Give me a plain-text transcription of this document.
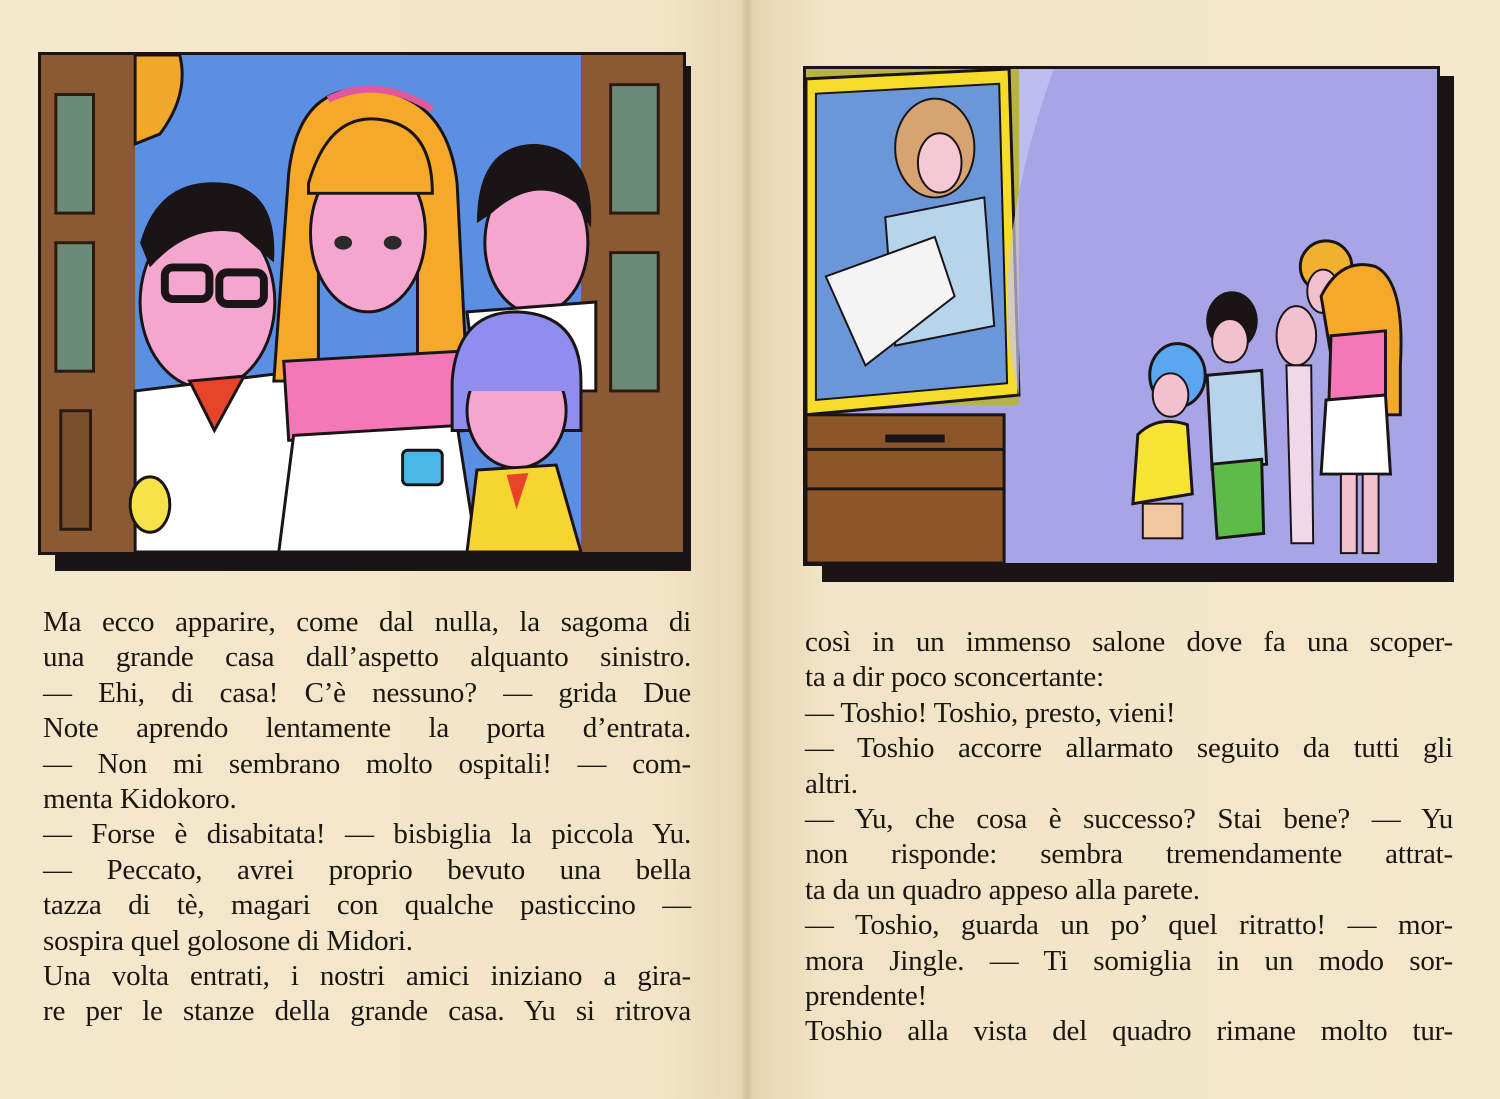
Ma ecco apparire, come dal nulla, la sagoma di
una grande casa dall’aspetto alquanto sinistro.
— Ehi, di casa! C’è nessuno? — grida Due
Note aprendo lentamente la porta d’entrata.
— Non mi sembrano molto ospitali! — com-
menta Kidokoro.
— Forse è disabitata! — bisbiglia la piccola Yu.
— Peccato, avrei proprio bevuto una bella
tazza di tè, magari con qualche pasticcino —
sospira quel golosone di Midori.
Una volta entrati, i nostri amici iniziano a gira-
re per le stanze della grande casa. Yu si ritrova
così in un immenso salone dove fa una scoper-
ta a dir poco sconcertante:
— Toshio! Toshio, presto, vieni!
— Toshio accorre allarmato seguito da tutti gli
altri.
— Yu, che cosa è successo? Stai bene? — Yu
non risponde: sembra tremendamente attrat-
ta da un quadro appeso alla parete.
— Toshio, guarda un po’ quel ritratto! — mor-
mora Jingle. — Ti somiglia in un modo sor-
prendente!
Toshio alla vista del quadro rimane molto tur-
